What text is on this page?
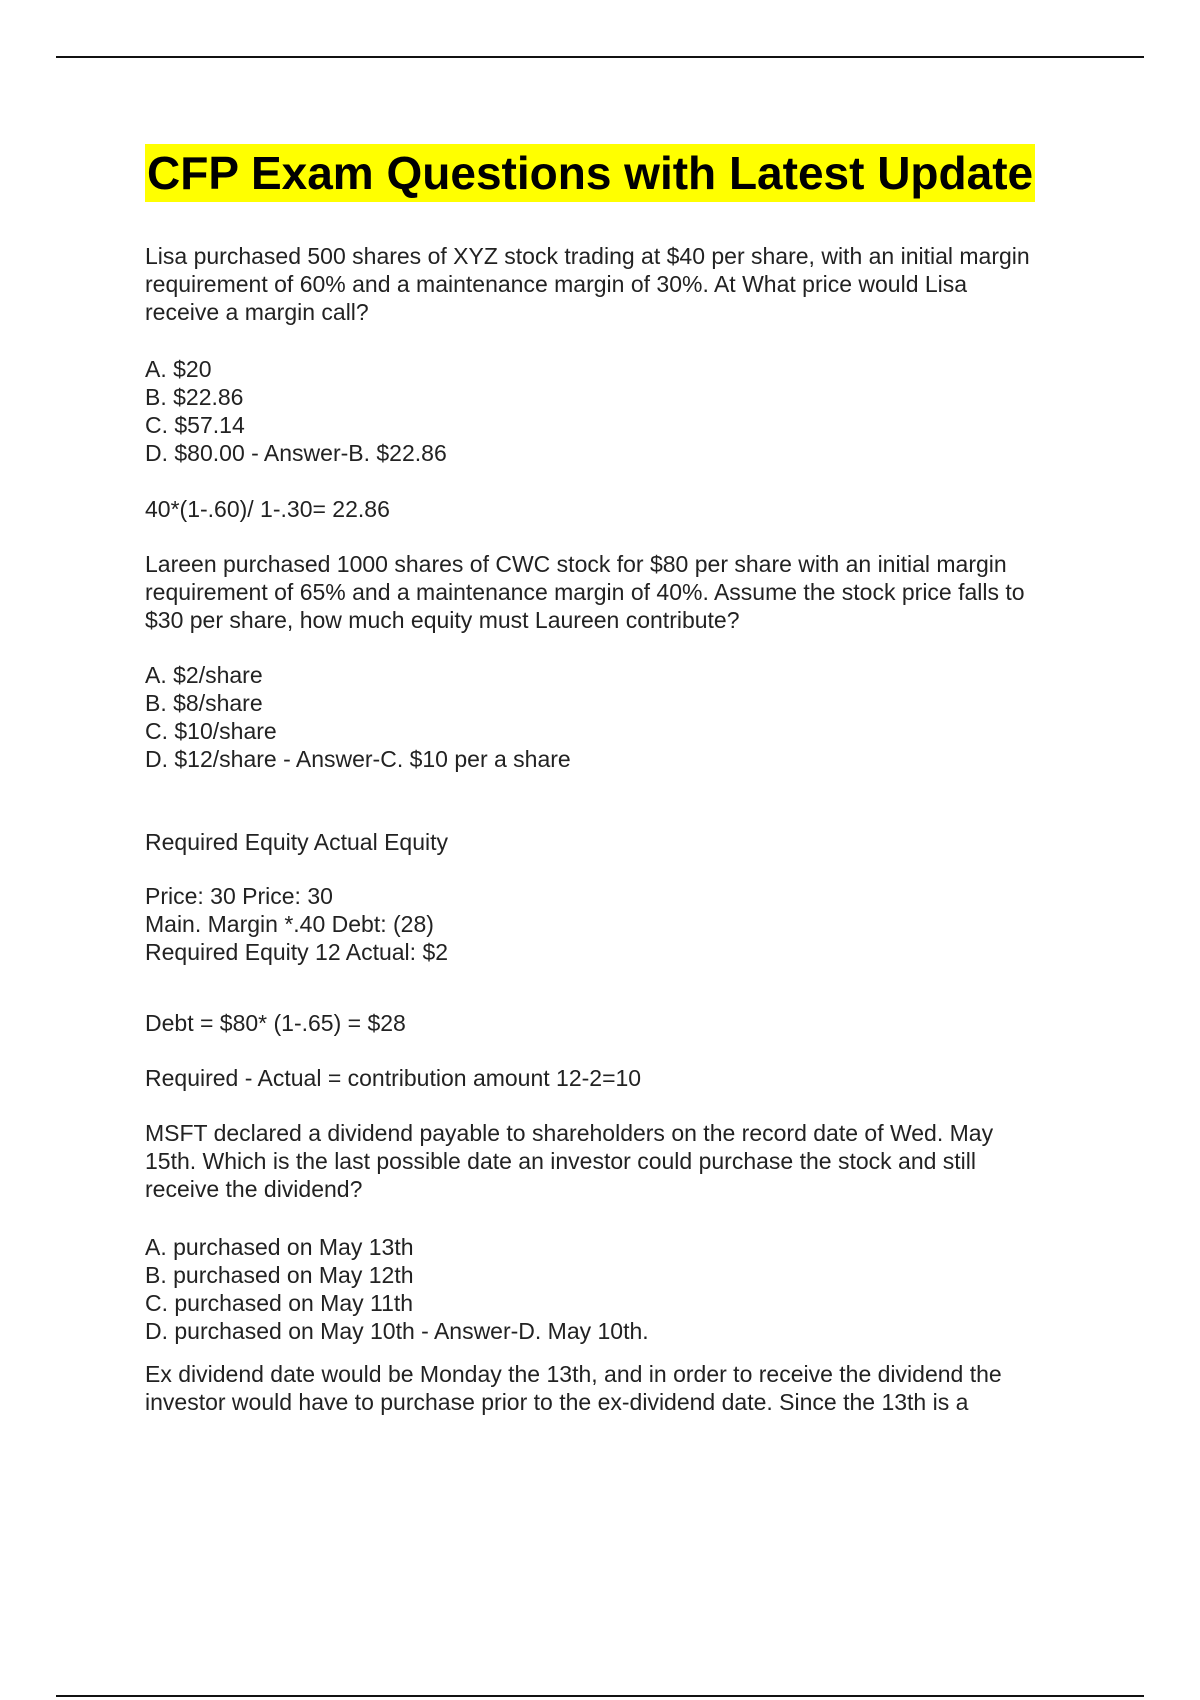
CFP Exam Questions with Latest Update

Lisa purchased 500 shares of XYZ stock trading at $40 per share, with an initial margin
requirement of 60% and a maintenance margin of 30%. At What price would Lisa
receive a margin call?

A. $20
B. $22.86
C. $57.14
D. $80.00 - Answer-B. $22.86

40*(1-.60)/ 1-.30= 22.86

Lareen purchased 1000 shares of CWC stock for $80 per share with an initial margin
requirement of 65% and a maintenance margin of 40%. Assume the stock price falls to
$30 per share, how much equity must Laureen contribute?

A. $2/share
B. $8/share
C. $10/share
D. $12/share - Answer-C. $10 per a share

Required Equity Actual Equity

Price: 30 Price: 30
Main. Margin *.40 Debt: (28)
Required Equity 12 Actual: $2

Debt = $80* (1-.65) = $28

Required - Actual = contribution amount 12-2=10

MSFT declared a dividend payable to shareholders on the record date of Wed. May
15th. Which is the last possible date an investor could purchase the stock and still
receive the dividend?

A. purchased on May 13th
B. purchased on May 12th
C. purchased on May 11th
D. purchased on May 10th - Answer-D. May 10th.

Ex dividend date would be Monday the 13th, and in order to receive the dividend the
investor would have to purchase prior to the ex-dividend date. Since the 13th is a
